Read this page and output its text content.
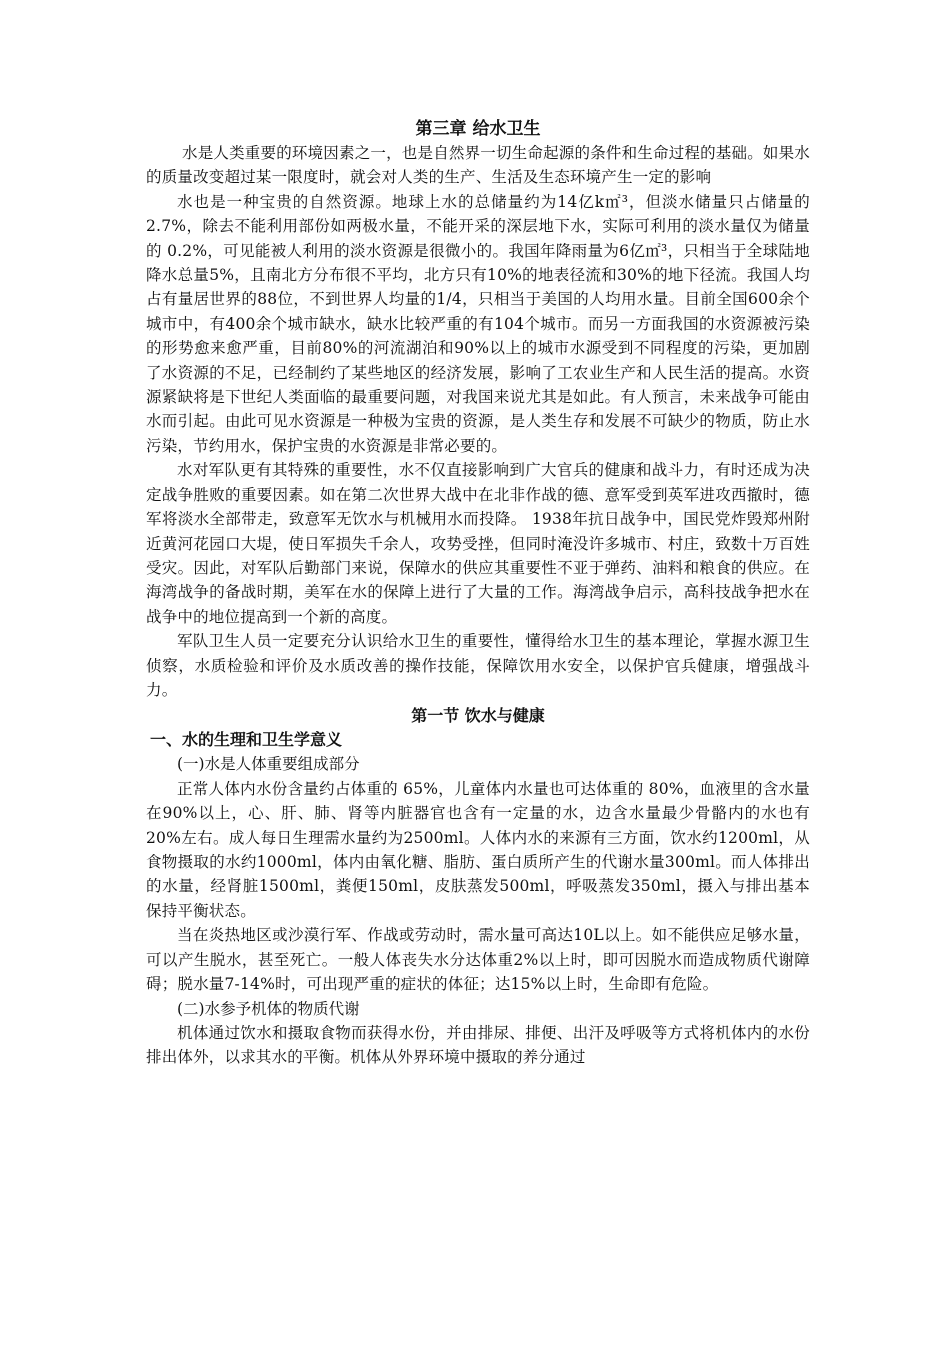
第三章 给水卫生

水是人类重要的环境因素之一，也是自然界一切生命起源的条件和生命过程的基础。如果水的质量改变超过某一限度时，就会对人类的生产、生活及生态环境产生一定的影响

水也是一种宝贵的自然资源。地球上水的总储量约为14亿k㎡³，但淡水储量只占储量的 2.7%，除去不能利用部份如两极水量，不能开采的深层地下水，实际可利用的淡水量仅为储量的 0.2%，可见能被人利用的淡水资源是很微小的。我国年降雨量为6亿㎡³，只相当于全球陆地降水总量5%，且南北方分布很不平均，北方只有10%的地表径流和30%的地下径流。我国人均占有量居世界的88位，不到世界人均量的1/4，只相当于美国的人均用水量。目前全国600余个城市中，有400余个城市缺水，缺水比较严重的有104个城市。而另一方面我国的水资源被污染的形势愈来愈严重，目前80%的河流湖泊和90%以上的城市水源受到不同程度的污染，更加剧了水资源的不足，已经制约了某些地区的经济发展，影响了工农业生产和人民生活的提高。水资源紧缺将是下世纪人类面临的最重要问题，对我国来说尤其是如此。有人预言，未来战争可能由水而引起。由此可见水资源是一种极为宝贵的资源，是人类生存和发展不可缺少的物质，防止水污染，节约用水，保护宝贵的水资源是非常必要的。

水对军队更有其特殊的重要性，水不仅直接影响到广大官兵的健康和战斗力，有时还成为决定战争胜败的重要因素。如在第二次世界大战中在北非作战的德、意军受到英军进攻西撤时，德军将淡水全部带走，致意军无饮水与机械用水而投降。 1938年抗日战争中，国民党炸毁郑州附近黄河花园口大堤，使日军损失千余人，攻势受挫，但同时淹没许多城市、村庄，致数十万百姓受灾。因此，对军队后勤部门来说，保障水的供应其重要性不亚于弹药、油料和粮食的供应。在海湾战争的备战时期，美军在水的保障上进行了大量的工作。海湾战争启示，高科技战争把水在战争中的地位提高到一个新的高度。

军队卫生人员一定要充分认识给水卫生的重要性，懂得给水卫生的基本理论，掌握水源卫生侦察，水质检验和评价及水质改善的操作技能，保障饮用水安全，以保护官兵健康，增强战斗力。

第一节 饮水与健康
一、水的生理和卫生学意义

(一)水是人体重要组成部分

正常人体内水份含量约占体重的 65%，儿童体内水量也可达体重的 80%，血液里的含水量在90%以上，心、肝、肺、肾等内脏器官也含有一定量的水，边含水量最少骨骼内的水也有20%左右。成人每日生理需水量约为2500ml。人体内水的来源有三方面，饮水约1200ml，从食物摄取的水约1000ml，体内由氧化糖、脂肪、蛋白质所产生的代谢水量300ml。而人体排出的水量，经肾脏1500ml，粪便150ml，皮肤蒸发500ml，呼吸蒸发350ml，摄入与排出基本保持平衡状态。

当在炎热地区或沙漠行军、作战或劳动时，需水量可高达10L以上。如不能供应足够水量，可以产生脱水，甚至死亡。一般人体丧失水分达体重2%以上时，即可因脱水而造成物质代谢障碍；脱水量7-14%时，可出现严重的症状的体征；达15%以上时，生命即有危险。

(二)水参予机体的物质代谢

机体通过饮水和摄取食物而获得水份，并由排尿、排便、出汗及呼吸等方式将机体内的水份排出体外，以求其水的平衡。机体从外界环境中摄取的养分通过
